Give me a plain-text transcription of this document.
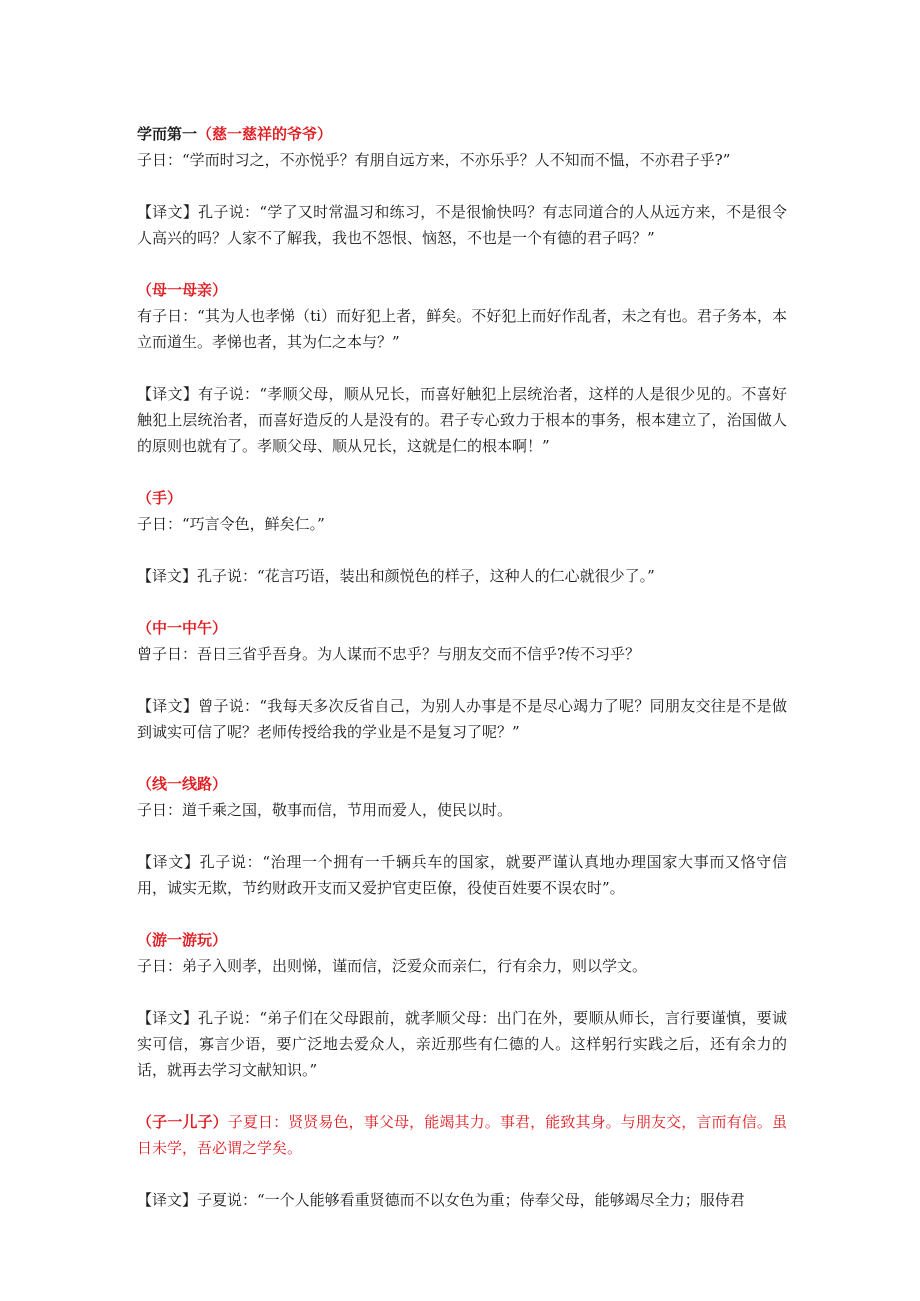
学而第一（慈一慈祥的爷爷）

子日：“学而时习之，不亦悦乎？有朋自远方来，不亦乐乎？人不知而不愠，不亦君子乎?”

【译文】孔子说：“学了又时常温习和练习，不是很愉快吗？有志同道合的人从远方来，不是很令人高兴的吗？人家不了解我，我也不怨恨、恼怒，不也是一个有德的君子吗？”

（母一母亲）

有子日：“其为人也孝悌（ti）而好犯上者，鲜矣。不好犯上而好作乱者，未之有也。君子务本，本立而道生。孝悌也者，其为仁之本与？”

【译文】有子说：“孝顺父母，顺从兄长，而喜好触犯上层统治者，这样的人是很少见的。不喜好触犯上层统治者，而喜好造反的人是没有的。君子专心致力于根本的事务，根本建立了，治国做人的原则也就有了。孝顺父母、顺从兄长，这就是仁的根本啊！”

（手）

子日：“巧言令色，鲜矣仁。”

【译文】孔子说：“花言巧语，装出和颜悦色的样子，这种人的仁心就很少了。”

（中一中午）

曾子日：吾日三省乎吾身。为人谋而不忠乎？与朋友交而不信乎?传不习乎？

【译文】曾子说：“我每天多次反省自己，为别人办事是不是尽心竭力了呢？同朋友交往是不是做到诚实可信了呢？老师传授给我的学业是不是复习了呢？”

（线一线路）

子日：道千乘之国，敬事而信，节用而爱人，使民以时。

【译文】孔子说：“治理一个拥有一千辆兵车的国家，就要严谨认真地办理国家大事而又恪守信用，诚实无欺，节约财政开支而又爱护官吏臣僚，役使百姓要不误农时”。

（游一游玩）

子日：弟子入则孝，出则悌，谨而信，泛爱众而亲仁，行有余力，则以学文。

【译文】孔子说：“弟子们在父母跟前，就孝顺父母：出门在外，要顺从师长，言行要谨慎，要诚实可信，寡言少语，要广泛地去爱众人，亲近那些有仁德的人。这样躬行实践之后，还有余力的话，就再去学习文献知识。”

（子一儿子）子夏日：贤贤易色，事父母，能竭其力。事君，能致其身。与朋友交，言而有信。虽日未学，吾必谓之学矣。

【译文】子夏说：“一个人能够看重贤德而不以女色为重；侍奉父母，能够竭尽全力；服侍君
